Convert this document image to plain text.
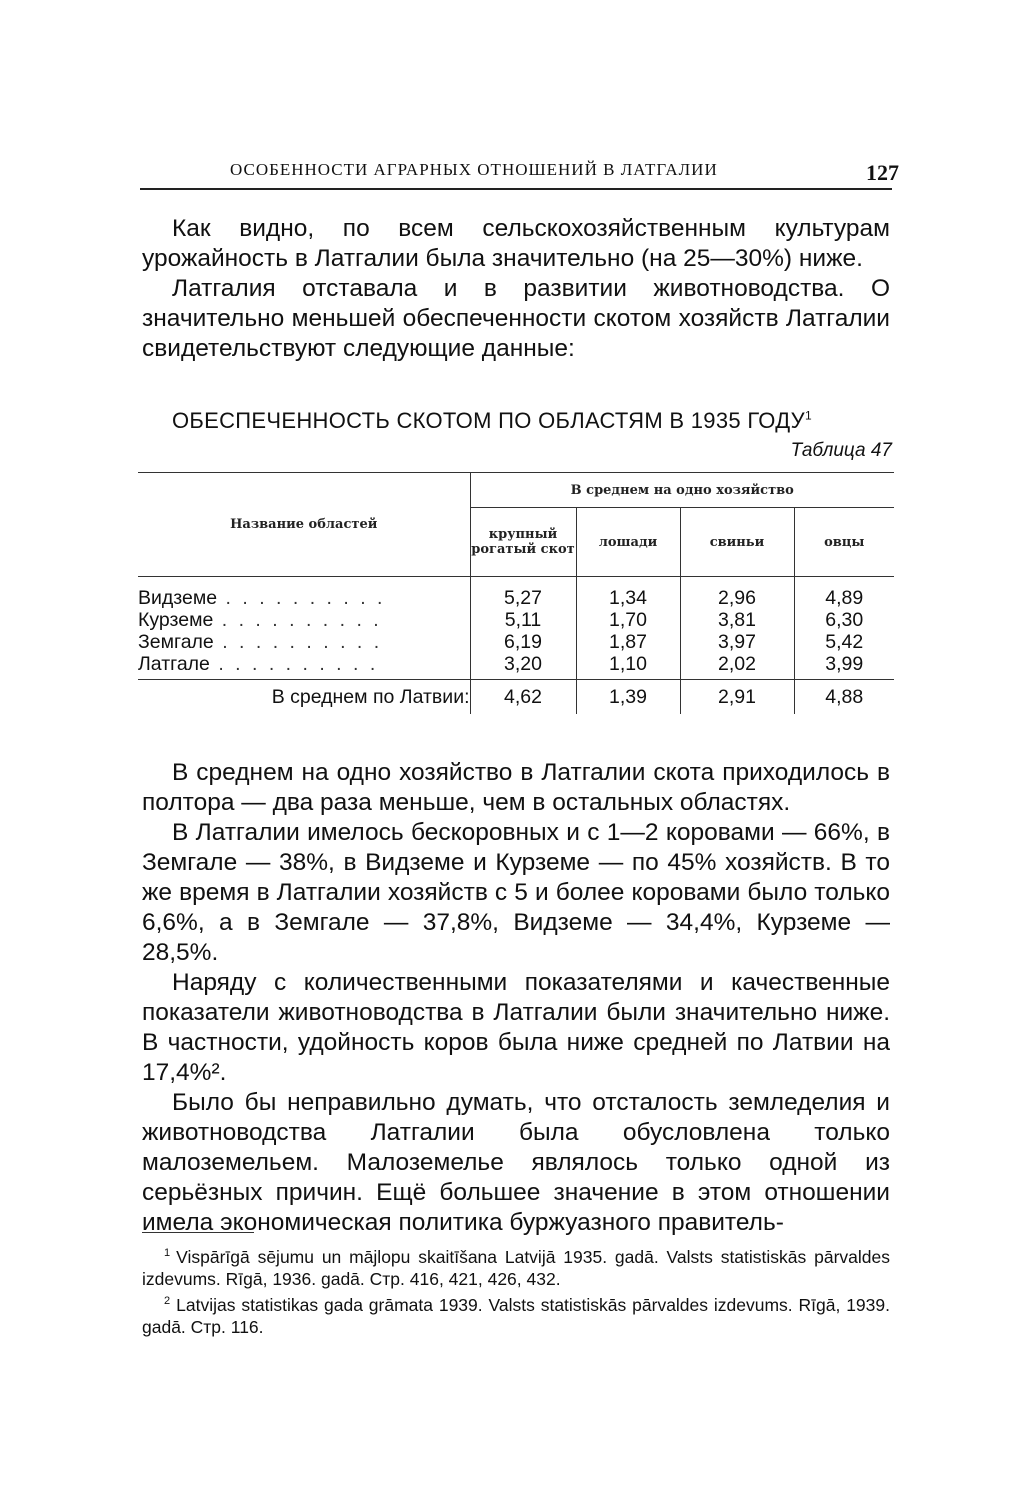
ОСОБЕННОСТИ АГРАРНЫХ ОТНОШЕНИЙ В ЛАТГАЛИИ	127

Как видно, по всем сельскохозяйственным культурам урожайность в Латгалии была значительно (на 25—30%) ниже.

Латгалия отставала и в развитии животноводства. О значительно меньшей обеспеченности скотом хозяйств Латгалии свидетельствуют следующие данные:

ОБЕСПЕЧЕННОСТЬ СКОТОМ ПО ОБЛАСТЯМ В 1935 ГОДУ$^1$
Таблица 47
Название областей	В среднем на одно хозяйство			
	крупный рогатый скот	лошади	свиньи	овцы
Видземе . . . . . . . . . .	5,27	1,34	2,96	4,89
Курземе . . . . . . . . . .	5,11	1,70	3,81	6,30
Земгале . . . . . . . . . .	6,19	1,87	3,97	5,42
Латгале . . . . . . . . . .	3,20	1,10	2,02	3,99
В среднем по Латвии:	4,62	1,39	2,91	4,88

В среднем на одно хозяйство в Латгалии скота приходилось в полтора — два раза меньше, чем в остальных областях.

В Латгалии имелось бескоровных и с 1—2 коровами — 66%, в Земгале — 38%, в Видземе и Курземе — по 45% хозяйств. В то же время в Латгалии хозяйств с 5 и более коровами было только 6,6%, а в Земгале — 37,8%, Видземе — 34,4%, Курземе — 28,5%.

Наряду с количественными показателями и качественные показатели животноводства в Латгалии были значительно ниже. В частности, удойность коров была ниже средней по Латвии на 17,4%².

Было бы неправильно думать, что отсталость земледелия и животноводства Латгалии была обусловлена только малоземельем. Малоземелье являлось только одной из серьёзных причин. Ещё большее значение в этом отношении имела экономическая политика буржуазного правитель-

$^1$ Vispārīgā sējumu un mājlopu skaitīšana Latvijā 1935. gadā. Valsts statistiskās pārvaldes izdevums. Rīgā, 1936. gadā. Стр. 416, 421, 426, 432.

$^2$ Latvijas statistikas gada grāmata 1939. Valsts statistiskās pārvaldes izdevums. Rīgā, 1939. gadā. Стр. 116.
